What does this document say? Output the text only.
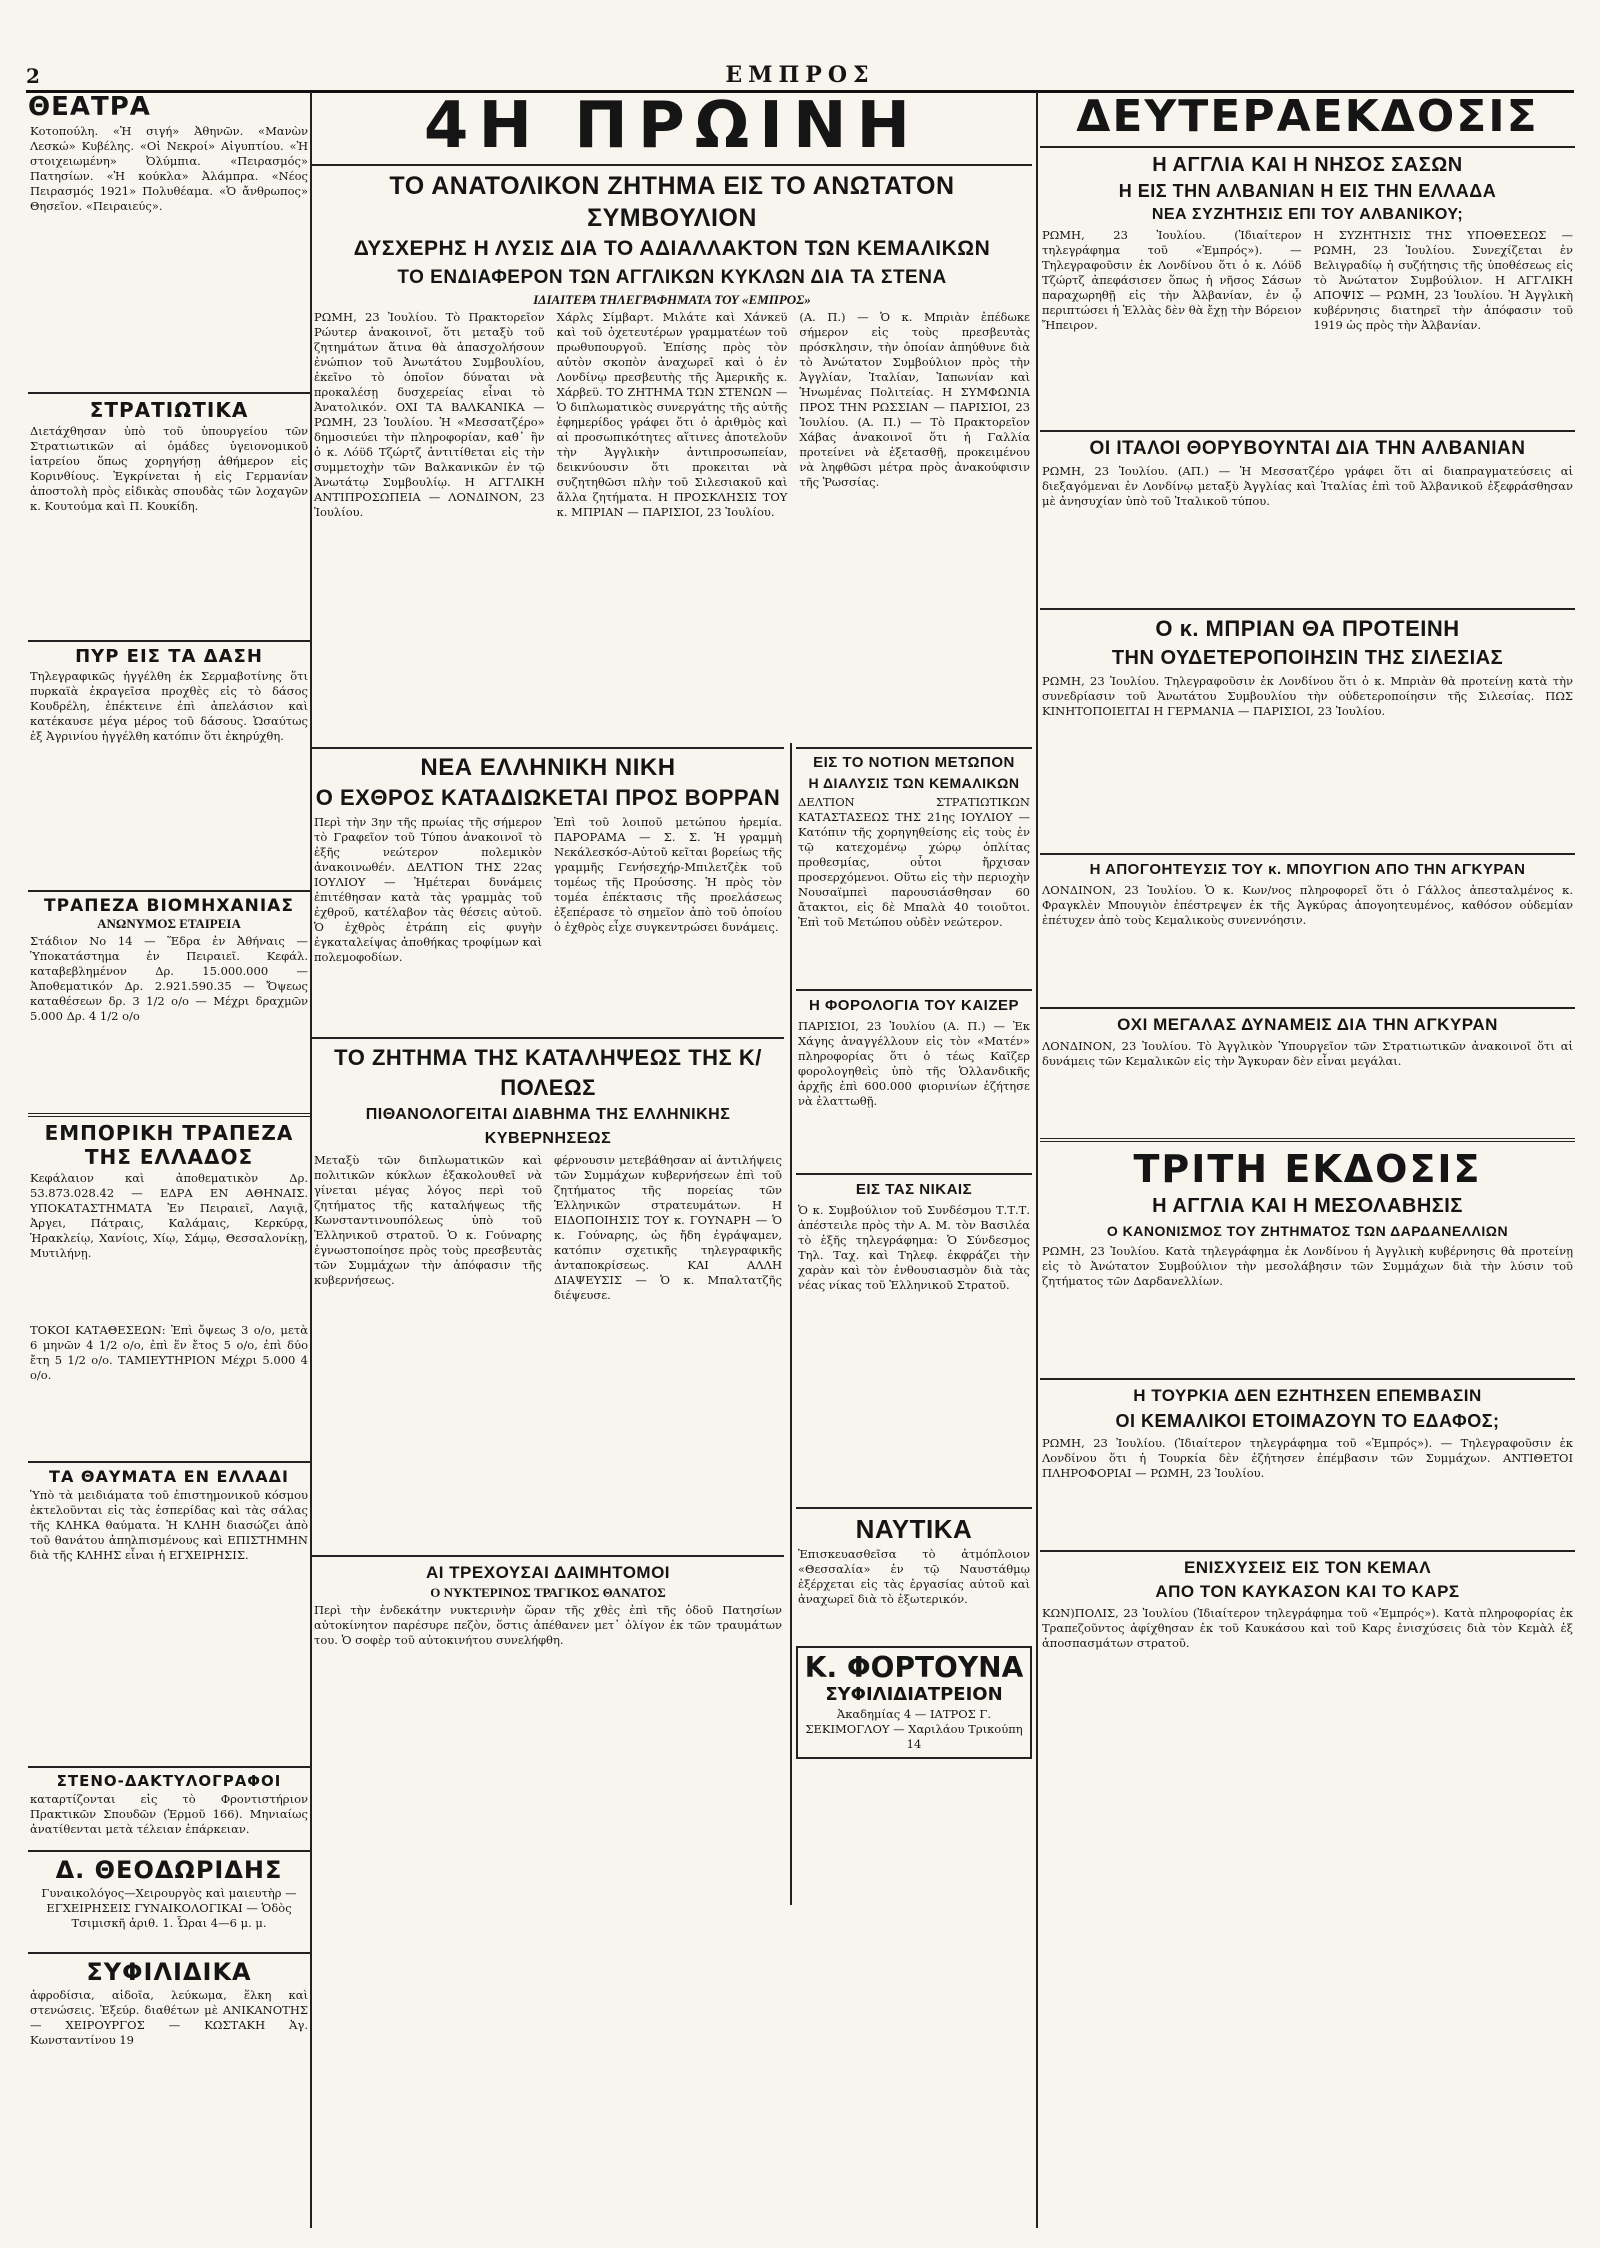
2	ΕΜΠΡΟΣ
ΘΕΑΤΡΑ
Κοτοπούλη. «Ἡ σιγή» Ἀθηνῶν. «Μανὼν Λεσκώ» Κυβέλης. «Οἱ Νεκροί» Αἰγυπτίου. «Ἡ στοιχειωμένη» Ὀλύμπια. «Πειρασμός» Πατησίων. «Ἡ κούκλα» Ἀλάμπρα. «Νέος Πειρασμός 1921» Πολυθέαμα. «Ὁ ἄνθρωπος» Θησεῖον. «Πειραιεύς».
ΣΤΡΑΤΙΩΤΙΚΑ
Διετάχθησαν ὑπὸ τοῦ ὑπουργείου τῶν Στρατιωτικῶν αἱ ὁμάδες ὑγειονομικοῦ ἰατρείου ὅπως χορηγήσῃ ἀθήμερον εἰς Κορινθίους. Ἐγκρίνεται ἡ εἰς Γερμανίαν ἀποστολὴ πρὸς εἰδικὰς σπουδὰς τῶν λοχαγῶν κ. Κουτούμα καὶ Π. Κουκίδη.
ΠΥΡ ΕΙΣ ΤΑ ΔΑΣΗ
Τηλεγραφικῶς ἠγγέλθη ἐκ Σερμαβοτίνης ὅτι πυρκαϊὰ ἐκραγεῖσα προχθὲς εἰς τὸ δάσος Κουδρέλη, ἐπέκτεινε ἐπὶ ἀπελάσιον καὶ κατέκαυσε μέγα μέρος τοῦ δάσους. Ὡσαύτως ἐξ Ἀγρινίου ἠγγέλθη κατόπιν ὅτι ἐκηρύχθη.
ΤΡΑΠΕΖΑ ΒΙΟΜΗΧΑΝΙΑΣ
ΑΝΩΝΥΜΟΣ ΕΤΑΙΡΕΙΑ
Στάδιον Νο 14 — Ἕδρα ἐν Ἀθήναις — Ὑποκατάστημα ἐν Πειραιεῖ. Κεφάλ. καταβεβλημένον Δρ. 15.000.000 — Ἀποθεματικόν Δρ. 2.921.590.35 — Ὄψεως καταθέσεων δρ. 3 1/2 ο/ο — Μέχρι δραχμῶν 5.000 Δρ. 4 1/2 ο/ο
ΕΜΠΟΡΙΚΗ ΤΡΑΠΕΖΑ ΤΗΣ ΕΛΛΑΔΟΣ
Κεφάλαιον καὶ ἀποθεματικὸν Δρ. 53.873.028.42 — ΕΔΡΑ ΕΝ ΑΘΗΝΑΙΣ. ΥΠΟΚΑΤΑΣΤΗΜΑΤΑ Ἐν Πειραιεῖ, Λαγιᾷ, Ἀργει, Πάτραις, Καλάμαις, Κερκύρᾳ, Ἡρακλείῳ, Χανίοις, Χίῳ, Σάμῳ, Θεσσαλονίκῃ, Μυτιλήνῃ.
ΤΟΚΟΙ ΚΑΤΑΘΕΣΕΩΝ: Ἐπὶ ὄψεως 3 ο/ο, μετὰ 6 μηνῶν 4 1/2 ο/ο, ἐπὶ ἕν ἔτος 5 ο/ο, ἐπὶ δύο ἔτη 5 1/2 ο/ο. ΤΑΜΙΕΥΤΗΡΙΟΝ Μέχρι 5.000 4 ο/ο.
ΤΑ ΘΑΥΜΑΤΑ ΕΝ ΕΛΛΑΔΙ
Ὑπὸ τὰ μειδιάματα τοῦ ἐπιστημονικοῦ κόσμου ἐκτελοῦνται εἰς τὰς ἑσπερίδας καὶ τὰς σάλας τῆς ΚΛΗΚΑ θαύματα. Ἡ ΚΛΗΗ διασώζει ἀπὸ τοῦ θανάτου ἀπηλπισμένους καὶ ΕΠΙΣΤΗΜΗΝ διὰ τῆς ΚΛΗΗΣ εἶναι ἡ ΕΓΧΕΙΡΗΣΙΣ.
ΣΤΕΝΟ-ΔΑΚΤΥΛΟΓΡΑΦΟΙ
καταρτίζονται εἰς τὸ Φροντιστήριον Πρακτικῶν Σπουδῶν (Ἑρμοῦ 166). Μηνιαίως ἀνατίθενται μετὰ τέλειαν ἐπάρκειαν.
Δ. ΘΕΟΔΩΡΙΔΗΣ
Γυναικολόγος—Χειρουργὸς καὶ μαιευτὴρ — ΕΓΧΕΙΡΗΣΕΙΣ ΓΥΝΑΙΚΟΛΟΓΙΚΑΙ — Ὁδὸς Τσιμισκῆ ἀριθ. 1. Ὧραι 4—6 μ. μ.
ΣΥΦΙΛΙΔΙΚΑ
ἀφροδίσια, αἰδοῖα, λεύκωμα, ἕλκη καὶ στενώσεις. Ἐξεύρ. διαθέτων μὲ ΑΝΙΚΑΝΟΤΗΣ — ΧΕΙΡΟΥΡΓΟΣ — ΚΩΣΤΑΚΗ Ἀγ. Κωνσταντίνου 19
4Η ΠΡΩΙΝΗ
ΤΟ ΑΝΑΤΟΛΙΚΟΝ ΖΗΤΗΜΑ ΕΙΣ ΤΟ ΑΝΩΤΑΤΟΝ ΣΥΜΒΟΥΛΙΟΝ
ΔΥΣΧΕΡΗΣ Η ΛΥΣΙΣ ΔΙΑ ΤΟ ΑΔΙΑΛΛΑΚΤΟΝ ΤΩΝ ΚΕΜΑΛΙΚΩΝ
ΤΟ ΕΝΔΙΑΦΕΡΟΝ ΤΩΝ ΑΓΓΛΙΚΩΝ ΚΥΚΛΩΝ ΔΙΑ ΤΑ ΣΤΕΝΑ
ΙΔΙΑΙΤΕΡΑ ΤΗΛΕΓΡΑΦΗΜΑΤΑ ΤΟΥ «ΕΜΠΡΟΣ»
ΡΩΜΗ, 23 Ἰουλίου. Τὸ Πρακτορεῖον Ρώυτερ ἀνακοινοῖ, ὅτι μεταξὺ τοῦ ζητημάτων ἅτινα θὰ ἀπασχολήσουν ἐνώπιον τοῦ Ἀνωτάτου Συμβουλίου, ἐκεῖνο τὸ ὁποῖον δύναται νὰ προκαλέσῃ δυσχερείας εἶναι τὸ Ἀνατολικόν. ΟΧΙ ΤΑ ΒΑΛΚΑΝΙΚΑ — ΡΩΜΗ, 23 Ἰουλίου. Ἡ «Μεσσατζέρο» δημοσιεύει τὴν πληροφορίαν, καθ᾽ ἣν ὁ κ. Λόϋδ Τζώρτζ ἀντιτίθεται εἰς τὴν συμμετοχὴν τῶν Βαλκανικῶν ἐν τῷ Ἀνωτάτῳ Συμβουλίῳ. Η ΑΓΓΛΙΚΗ ΑΝΤΙΠΡΟΣΩΠΕΙΑ — ΛΟΝΔΙΝΟΝ, 23 Ἰουλίου.
Χάρλς Σίμβαρτ. Μιλάτε καὶ Χάνκεϋ καὶ τοῦ ὀχετευτέρων γραμματέων τοῦ πρωθυπουργοῦ. Ἐπίσης πρὸς τὸν αὐτὸν σκοπὸν ἀναχωρεῖ καὶ ὁ ἐν Λονδίνῳ πρεσβευτὴς τῆς Ἀμερικῆς κ. Χάρβεϋ. ΤΟ ΖΗΤΗΜΑ ΤΩΝ ΣΤΕΝΩΝ — Ὁ διπλωματικὸς συνεργάτης τῆς αὐτῆς ἐφημερίδος γράφει ὅτι ὁ ἀριθμὸς καὶ αἱ προσωπικότητες αἵτινες ἀποτελοῦν τὴν Ἀγγλικὴν ἀντιπροσωπείαν, δεικνύουσιν ὅτι προκειται νὰ συζητηθῶσι πλὴν τοῦ Σιλεσιακοῦ καὶ ἄλλα ζητήματα. Η ΠΡΟΣΚΛΗΣΙΣ ΤΟΥ κ. ΜΠΡΙΑΝ — ΠΑΡΙΣΙΟΙ, 23 Ἰουλίου.
(Α. Π.) — Ὁ κ. Μπριὰν ἐπέδωκε σήμερον εἰς τοὺς πρεσβευτὰς πρόσκλησιν, τὴν ὁποίαν ἀπηύθυνε διὰ τὸ Ἀνώτατον Συμβούλιον πρὸς τὴν Ἀγγλίαν, Ἰταλίαν, Ἰαπωνίαν καὶ Ἡνωμένας Πολιτείας. Η ΣΥΜΦΩΝΙΑ ΠΡΟΣ ΤΗΝ ΡΩΣΣΙΑΝ — ΠΑΡΙΣΙΟΙ, 23 Ἰουλίου. (Α. Π.) — Τὸ Πρακτορεῖον Χάβας ἀνακοινοῖ ὅτι ἡ Γαλλία προτείνει νὰ ἐξετασθῇ, προκειμένου νὰ ληφθῶσι μέτρα πρὸς ἀνακούφισιν τῆς Ῥωσσίας.
ΝΕΑ ΕΛΛΗΝΙΚΗ ΝΙΚΗ
Ο ΕΧΘΡΟΣ ΚΑΤΑΔΙΩΚΕΤΑΙ ΠΡΟΣ ΒΟΡΡΑΝ
Περὶ τὴν 3ην τῆς πρωίας τῆς σήμερον τὸ Γραφεῖον τοῦ Τύπου ἀνακοινοῖ τὸ ἑξῆς νεώτερον πολεμικὸν ἀνακοινωθέν. ΔΕΛΤΙΟΝ ΤΗΣ 22ας ΙΟΥΛΙΟΥ — Ἡμέτεραι δυνάμεις ἐπιτέθησαν κατὰ τὰς γραμμὰς τοῦ ἐχθροῦ, κατέλαβον τὰς θέσεις αὐτοῦ. Ὁ ἐχθρὸς ἐτράπη εἰς φυγὴν ἐγκαταλείψας ἀποθήκας τροφίμων καὶ πολεμοφοδίων.
Ἐπὶ τοῦ λοιποῦ μετώπου ἡρεμία. ΠΑΡΟΡΑΜΑ — Σ. Σ. Ἡ γραμμὴ Νεκάλεσκόσ-Αὐτοῦ κεῖται βορείως τῆς γραμμῆς Γενήσεχήρ-Μπιλετζὲκ τοῦ τομέως τῆς Προύσσης. Ἡ πρὸς τὸν τομέα ἐπέκτασις τῆς προελάσεως ἐξεπέρασε τὸ σημεῖον ἀπὸ τοῦ ὁποίου ὁ ἐχθρὸς εἶχε συγκεντρώσει δυνάμεις.
ΤΟ ΖΗΤΗΜΑ ΤΗΣ ΚΑΤΑΛΗΨΕΩΣ ΤΗΣ Κ/ΠΟΛΕΩΣ
ΠΙΘΑΝΟΛΟΓΕΙΤΑΙ ΔΙΑΒΗΜΑ ΤΗΣ ΕΛΛΗΝΙΚΗΣ ΚΥΒΕΡΝΗΣΕΩΣ
Μεταξὺ τῶν διπλωματικῶν καὶ πολιτικῶν κύκλων ἐξακολουθεῖ νὰ γίνεται μέγας λόγος περὶ τοῦ ζητήματος τῆς καταλήψεως τῆς Κωνσταντινουπόλεως ὑπὸ τοῦ Ἑλληνικοῦ στρατοῦ. Ὁ κ. Γούναρης ἐγνωστοποίησε πρὸς τοὺς πρεσβευτὰς τῶν Συμμάχων τὴν ἀπόφασιν τῆς κυβερνήσεως.
φέρνουσιν μετεβάθησαν αἱ ἀντιλήψεις τῶν Συμμάχων κυβερνήσεων ἐπὶ τοῦ ζητήματος τῆς πορείας τῶν Ἑλληνικῶν στρατευμάτων. Η ΕΙΔΟΠΟΙΗΣΙΣ ΤΟΥ κ. ΓΟΥΝΑΡΗ — Ὁ κ. Γούναρης, ὡς ἤδη ἐγράψαμεν, κατόπιν σχετικῆς τηλεγραφικῆς ἀνταποκρίσεως. ΚΑΙ ΑΛΛΗ ΔΙΑΨΕΥΣΙΣ — Ὁ κ. Μπαλτατζῆς διέψευσε.
ΑΙ ΤΡΕΧΟΥΣΑΙ ΔΑΙΜΗΤΟΜΟΙ
Ο ΝΥΚΤΕΡΙΝΟΣ ΤΡΑΓΙΚΟΣ ΘΑΝΑΤΟΣ
Περὶ τὴν ἑνδεκάτην νυκτερινὴν ὥραν τῆς χθὲς ἐπὶ τῆς ὁδοῦ Πατησίων αὐτοκίνητον παρέσυρε πεζὸν, ὅστις ἀπέθανεν μετ᾽ ὀλίγον ἐκ τῶν τραυμάτων του. Ὁ σοφὲρ τοῦ αὐτοκινήτου συνελήφθη.
ΕΙΣ ΤΟ ΝΟΤΙΟΝ ΜΕΤΩΠΟΝ
Η ΔΙΑΛΥΣΙΣ ΤΩΝ ΚΕΜΑΛΙΚΩΝ
ΔΕΛΤΙΟΝ ΣΤΡΑΤΙΩΤΙΚΩΝ ΚΑΤΑΣΤΑΣΕΩΣ ΤΗΣ 21ης ΙΟΥΛΙΟΥ — Κατόπιν τῆς χορηγηθείσης εἰς τοὺς ἐν τῷ κατεχομένῳ χώρῳ ὀπλίτας προθεσμίας, οὗτοι ἤρχισαν προσερχόμενοι. Οὕτω εἰς τὴν περιοχὴν Νουσαϊμπεὶ παρουσιάσθησαν 60 ἄτακτοι, εἰς δὲ Μπαλὰ 40 τοιοῦτοι. Ἐπὶ τοῦ Μετώπου οὐδὲν νεώτερον.
Η ΦΟΡΟΛΟΓΙΑ ΤΟΥ ΚΑΙΖΕΡ
ΠΑΡΙΣΙΟΙ, 23 Ἰουλίου (Α. Π.) — Ἐκ Χάγης ἀναγγέλλουν εἰς τὸν «Ματέν» πληροφορίας ὅτι ὁ τέως Καῖζερ φορολογηθεὶς ὑπὸ τῆς Ὁλλανδικῆς ἀρχῆς ἐπὶ 600.000 φιορινίων ἐζήτησε νὰ ἐλαττωθῇ.
ΕΙΣ ΤΑΣ ΝΙΚΑΙΣ
Ὁ κ. Συμβούλιον τοῦ Συνδέσμου Τ.Τ.Τ. ἀπέστειλε πρὸς τὴν Α. Μ. τὸν Βασιλέα τὸ ἑξῆς τηλεγράφημα: Ὁ Σύνδεσμος Τηλ. Ταχ. καὶ Τηλεφ. ἐκφράζει τὴν χαρὰν καὶ τὸν ἐνθουσιασμὸν διὰ τὰς νέας νίκας τοῦ Ἑλληνικοῦ Στρατοῦ.
ΝΑΥΤΙΚΑ
Ἐπισκευασθεῖσα τὸ ἀτμόπλοιον «Θεσσαλία» ἐν τῷ Ναυστάθμῳ ἐξέρχεται εἰς τὰς ἐργασίας αὐτοῦ καὶ ἀναχωρεῖ διὰ τὸ ἐξωτερικόν.
Κ. ΦΟΡΤΟΥΝΑ
ΣΥΦΙΛΙΔΙΑΤΡΕΙΟΝ
Ἀκαδημίας 4 — ΙΑΤΡΟΣ Γ. ΣΕΚΙΜΟΓΛΟΥ — Χαριλάου Τρικούπη 14
ΔΕΥΤΕΡΑΕΚΔΟΣΙΣ
Η ΑΓΓΛΙΑ ΚΑΙ Η ΝΗΣΟΣ ΣΑΣΩΝ
Η ΕΙΣ ΤΗΝ ΑΛΒΑΝΙΑΝ Η ΕΙΣ ΤΗΝ ΕΛΛΑΔΑ
ΝΕΑ ΣΥΖΗΤΗΣΙΣ ΕΠΙ ΤΟΥ ΑΛΒΑΝΙΚΟΥ;
ΡΩΜΗ, 23 Ἰουλίου. (Ἰδιαίτερον τηλεγράφημα τοῦ «Ἐμπρός»). — Τηλεγραφοῦσιν ἐκ Λονδίνου ὅτι ὁ κ. Λόϋδ Τζώρτζ ἀπεφάσισεν ὅπως ἡ νῆσος Σάσων παραχωρηθῇ εἰς τὴν Ἀλβανίαν, ἐν ᾧ περιπτώσει ἡ Ἑλλὰς δὲν θὰ ἔχῃ τὴν Βόρειον Ἤπειρον.
Η ΣΥΖΗΤΗΣΙΣ ΤΗΣ ΥΠΟΘΕΣΕΩΣ — ΡΩΜΗ, 23 Ἰουλίου. Συνεχίζεται ἐν Βελιγραδίῳ ἡ συζήτησις τῆς ὑποθέσεως εἰς τὸ Ἀνώτατον Συμβούλιον. Η ΑΓΓΛΙΚΗ ΑΠΟΨΙΣ — ΡΩΜΗ, 23 Ἰουλίου. Ἡ Ἀγγλικὴ κυβέρνησις διατηρεῖ τὴν ἀπόφασιν τοῦ 1919 ὡς πρὸς τὴν Ἀλβανίαν.
ΟΙ ΙΤΑΛΟΙ ΘΟΡΥΒΟΥΝΤΑΙ ΔΙΑ ΤΗΝ ΑΛΒΑΝΙΑΝ
ΡΩΜΗ, 23 Ἰουλίου. (ΑΠ.) — Ἡ Μεσσατζέρο γράφει ὅτι αἱ διαπραγματεύσεις αἱ διεξαγόμεναι ἐν Λονδίνῳ μεταξὺ Ἀγγλίας καὶ Ἰταλίας ἐπὶ τοῦ Ἀλβανικοῦ ἐξεφράσθησαν μὲ ἀνησυχίαν ὑπὸ τοῦ Ἰταλικοῦ τύπου.
Ο κ. ΜΠΡΙΑΝ ΘΑ ΠΡΟΤΕΙΝΗ
ΤΗΝ ΟΥΔΕΤΕΡΟΠΟΙΗΣΙΝ ΤΗΣ ΣΙΛΕΣΙΑΣ
ΡΩΜΗ, 23 Ἰουλίου. Τηλεγραφοῦσιν ἐκ Λονδίνου ὅτι ὁ κ. Μπριὰν θὰ προτείνῃ κατὰ τὴν συνεδρίασιν τοῦ Ἀνωτάτου Συμβουλίου τὴν οὐδετεροποίησιν τῆς Σιλεσίας. ΠΩΣ ΚΙΝΗΤΟΠΟΙΕΙΤΑΙ Η ΓΕΡΜΑΝΙΑ — ΠΑΡΙΣΙΟΙ, 23 Ἰουλίου.
Η ΑΠΟΓΟΗΤΕΥΣΙΣ ΤΟΥ κ. ΜΠΟΥΓΙΟΝ ΑΠΟ ΤΗΝ ΑΓΚΥΡΑΝ
ΛΟΝΔΙΝΟΝ, 23 Ἰουλίου. Ὁ κ. Κων/νος πληροφορεῖ ὅτι ὁ Γάλλος ἀπεσταλμένος κ. Φραγκλὲν Μπουγιὸν ἐπέστρεψεν ἐκ τῆς Ἀγκύρας ἀπογοητευμένος, καθόσον οὐδεμίαν ἐπέτυχεν ἀπὸ τοὺς Κεμαλικοὺς συνεννόησιν.
ΟΧΙ ΜΕΓΑΛΑΣ ΔΥΝΑΜΕΙΣ ΔΙΑ ΤΗΝ ΑΓΚΥΡΑΝ
ΛΟΝΔΙΝΟΝ, 23 Ἰουλίου. Τὸ Ἀγγλικὸν Ὑπουργεῖον τῶν Στρατιωτικῶν ἀνακοινοῖ ὅτι αἱ δυνάμεις τῶν Κεμαλικῶν εἰς τὴν Ἄγκυραν δὲν εἶναι μεγάλαι.
ΤΡΙΤΗ ΕΚΔΟΣΙΣ
Η ΑΓΓΛΙΑ ΚΑΙ Η ΜΕΣΟΛΑΒΗΣΙΣ
Ο ΚΑΝΟΝΙΣΜΟΣ ΤΟΥ ΖΗΤΗΜΑΤΟΣ ΤΩΝ ΔΑΡΔΑΝΕΛΛΙΩΝ
ΡΩΜΗ, 23 Ἰουλίου. Κατὰ τηλεγράφημα ἐκ Λονδίνου ἡ Ἀγγλικὴ κυβέρνησις θὰ προτείνῃ εἰς τὸ Ἀνώτατον Συμβούλιον τὴν μεσολάβησιν τῶν Συμμάχων διὰ τὴν λύσιν τοῦ ζητήματος τῶν Δαρδανελλίων.
Η ΤΟΥΡΚΙΑ ΔΕΝ ΕΖΗΤΗΣΕΝ ΕΠΕΜΒΑΣΙΝ
ΟΙ ΚΕΜΑΛΙΚΟΙ ΕΤΟΙΜΑΖΟΥΝ ΤΟ ΕΔΑΦΟΣ;
ΡΩΜΗ, 23 Ἰουλίου. (Ἰδιαίτερον τηλεγράφημα τοῦ «Ἐμπρός»). — Τηλεγραφοῦσιν ἐκ Λονδίνου ὅτι ἡ Τουρκία δὲν ἐζήτησεν ἐπέμβασιν τῶν Συμμάχων. ΑΝΤΙΘΕΤΟΙ ΠΛΗΡΟΦΟΡΙΑΙ — ΡΩΜΗ, 23 Ἰουλίου.
ΕΝΙΣΧΥΣΕΙΣ ΕΙΣ ΤΟΝ ΚΕΜΑΛ
ΑΠΟ ΤΟΝ ΚΑΥΚΑΣΟΝ ΚΑΙ ΤΟ ΚΑΡΣ
ΚΩΝ)ΠΟΛΙΣ, 23 Ἰουλίου (Ἰδιαίτερον τηλεγράφημα τοῦ «Ἐμπρός»). Κατὰ πληροφορίας ἐκ Τραπεζοῦντος ἀφίχθησαν ἐκ τοῦ Καυκάσου καὶ τοῦ Καρς ἐνισχύσεις διὰ τὸν Κεμὰλ ἐξ ἀποσπασμάτων στρατοῦ.
